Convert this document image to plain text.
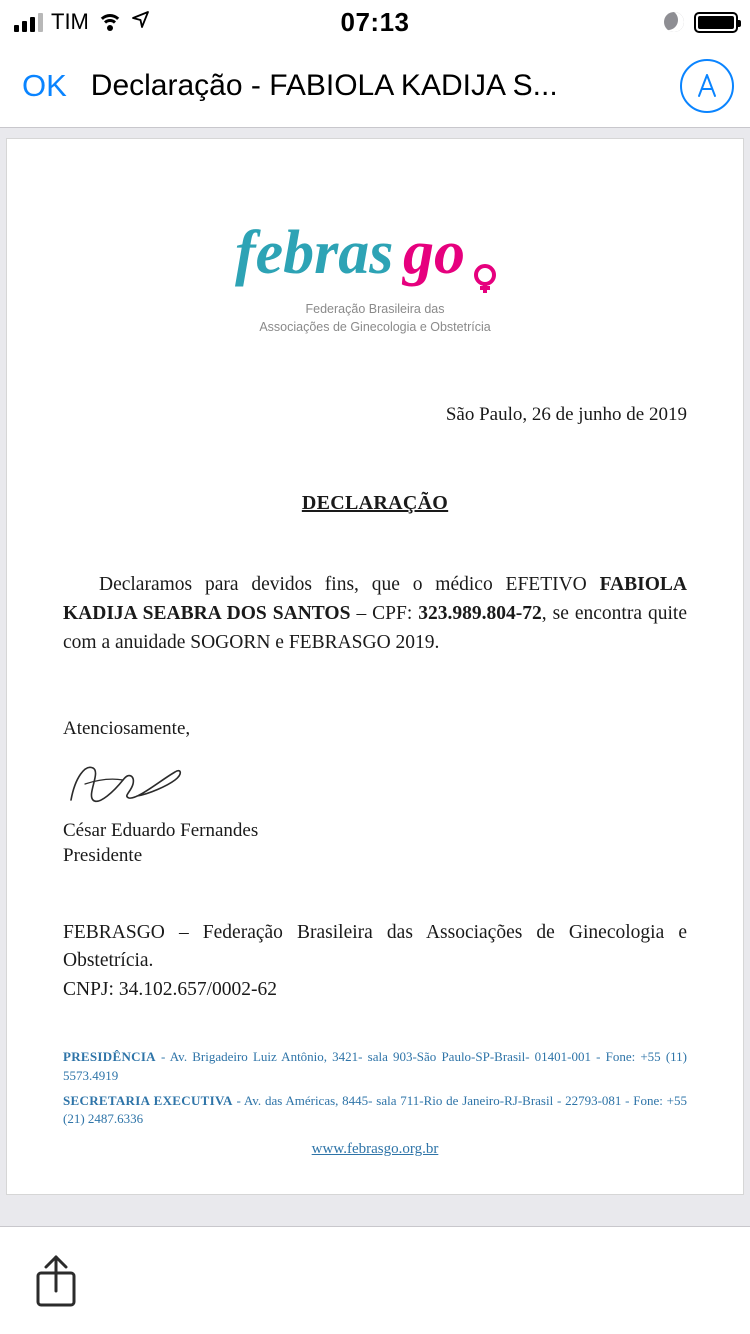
TIM	07:13
OK Declaração - FABIOLA KADIJA S...
febras go
Federação Brasileira das
Associações de Ginecologia e Obstetrícia
São Paulo, 26 de junho de 2019
DECLARAÇÃO

Declaramos para devidos fins, que o médico EFETIVO FABIOLA KADIJA SEABRA DOS SANTOS – CPF: 323.989.804-72, se encontra quite com a anuidade SOGORN e FEBRASGO 2019.

Atenciosamente,
César Eduardo Fernandes
Presidente
FEBRASGO – Federação Brasileira das Associações de Ginecologia e Obstetrícia.
CNPJ: 34.102.657/0002-62
PRESIDÊNCIA - Av. Brigadeiro Luiz Antônio, 3421- sala 903-São Paulo-SP-Brasil- 01401-001 - Fone: +55 (11) 5573.4919
SECRETARIA EXECUTIVA - Av. das Américas, 8445- sala 711-Rio de Janeiro-RJ-Brasil - 22793-081 - Fone: +55 (21) 2487.6336
www.febrasgo.org.br
